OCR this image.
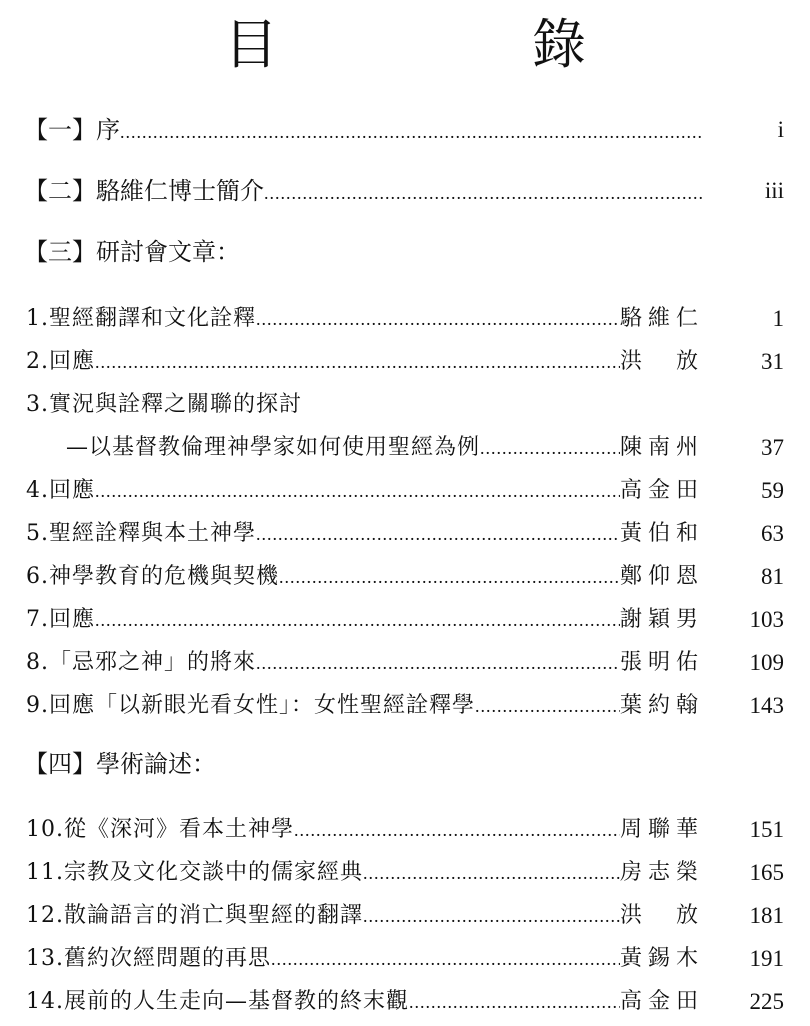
目　錄
【一】序 .....	i
【二】駱維仁博士簡介 .....	iii
【三】研討會文章：
1.聖經翻譯和文化詮釋 .....	駱維仁	1
2.回應 .....	洪　放	31
3.實況與詮釋之關聯的探討
—以基督教倫理神學家如何使用聖經為例 .....	陳南州	37
4.回應 .....	高金田	59
5.聖經詮釋與本土神學 .....	黃伯和	63
6.神學教育的危機與契機 .....	鄭仰恩	81
7.回應 .....	謝穎男 103
8.「忌邪之神」的將來 .....	張明佑 109
9.回應「以新眼光看女性」：女性聖經詮釋學 .....	葉約翰 143
【四】學術論述：
10.從《深河》看本土神學 .....	周聯華 151
11.宗教及文化交談中的儒家經典 .....	房志榮 165
12.散論語言的消亡與聖經的翻譯 .....	洪　放 181
13.舊約次經問題的再思 .....	黃錫木 191
14.展前的人生走向—基督教的終末觀 .....	高金田 225
